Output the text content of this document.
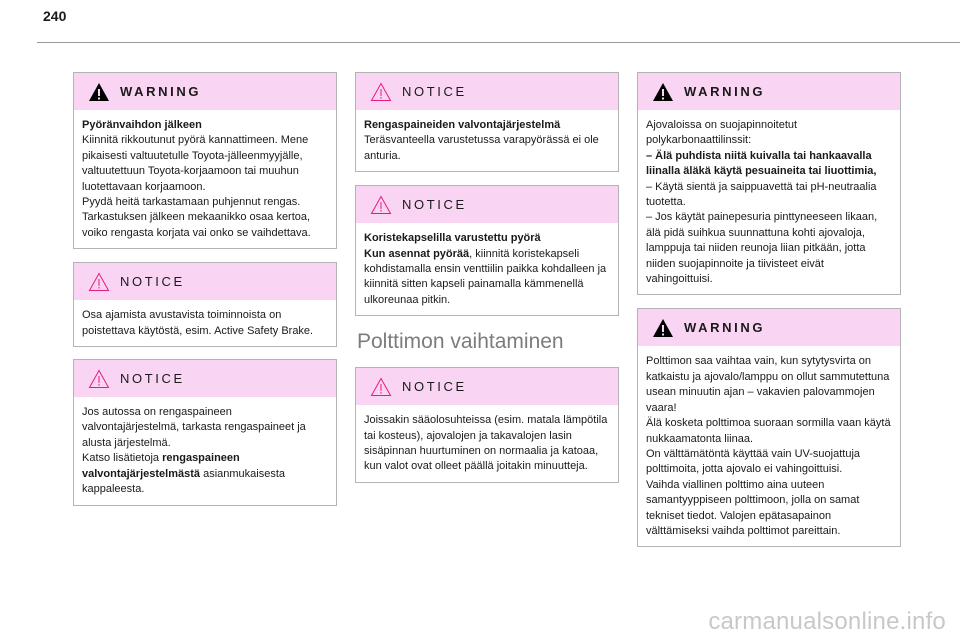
240
WARNING

Pyöränvaihdon jälkeen

Kiinnitä rikkoutunut pyörä kannattimeen. Mene pikaisesti valtuutetulle Toyota-jälleenmyyjälle, valtuutettuun Toyota-korjaamoon tai muuhun luotettavaan korjaamoon.

Pyydä heitä tarkastamaan puhjennut rengas. Tarkastuksen jälkeen mekaanikko osaa kertoa, voiko rengasta korjata vai onko se vaihdettava.

NOTICE

Osa ajamista avustavista toiminnoista on poistettava käytöstä, esim. Active Safety Brake.

NOTICE

Jos autossa on rengaspaineen valvontajärjestelmä, tarkasta rengaspaineet ja alusta järjestelmä.

Katso lisätietoja rengaspaineen valvontajärjestelmästä asianmukaisesta kappaleesta.

NOTICE

Rengaspaineiden valvontajärjestelmä

Teräsvanteella varustetussa varapyörässä ei ole anturia.

NOTICE

Koristekapselilla varustettu pyörä

Kun asennat pyörää, kiinnitä koristekapseli kohdistamalla ensin venttiilin paikka kohdalleen ja kiinnitä sitten kapseli painamalla kämmenellä ulkoreunaa pitkin.

Polttimon vaihtaminen
NOTICE

Joissakin sääolosuhteissa (esim. matala lämpötila tai kosteus), ajovalojen ja takavalojen lasin sisäpinnan huurtuminen on normaalia ja katoaa, kun valot ovat olleet päällä joitakin minuutteja.

WARNING

Ajovaloissa on suojapinnoitetut polykarbonaattilinssit:

– Älä puhdista niitä kuivalla tai hankaavalla liinalla äläkä käytä pesuaineita tai liuottimia,

– Käytä sientä ja saippuavettä tai pH-neutraalia tuotetta.

– Jos käytät painepesuria pinttyneeseen likaan, älä pidä suihkua suunnattuna kohti ajovaloja, lamppuja tai niiden reunoja liian pitkään, jotta niiden suojapinnoite ja tiivisteet eivät vahingoittuisi.

WARNING

Polttimon saa vaihtaa vain, kun sytytysvirta on katkaistu ja ajovalo/lamppu on ollut sammutettuna usean minuutin ajan – vakavien palovammojen vaara!

Älä kosketa polttimoa suoraan sormilla vaan käytä nukkaamatonta liinaa.

On välttämätöntä käyttää vain UV-suojattuja polttimoita, jotta ajovalo ei vahingoittuisi.

Vaihda viallinen polttimo aina uuteen samantyyppiseen polttimoon, jolla on samat tekniset tiedot. Valojen epätasapainon välttämiseksi vaihda polttimot pareittain.

carmanualsonline.info
